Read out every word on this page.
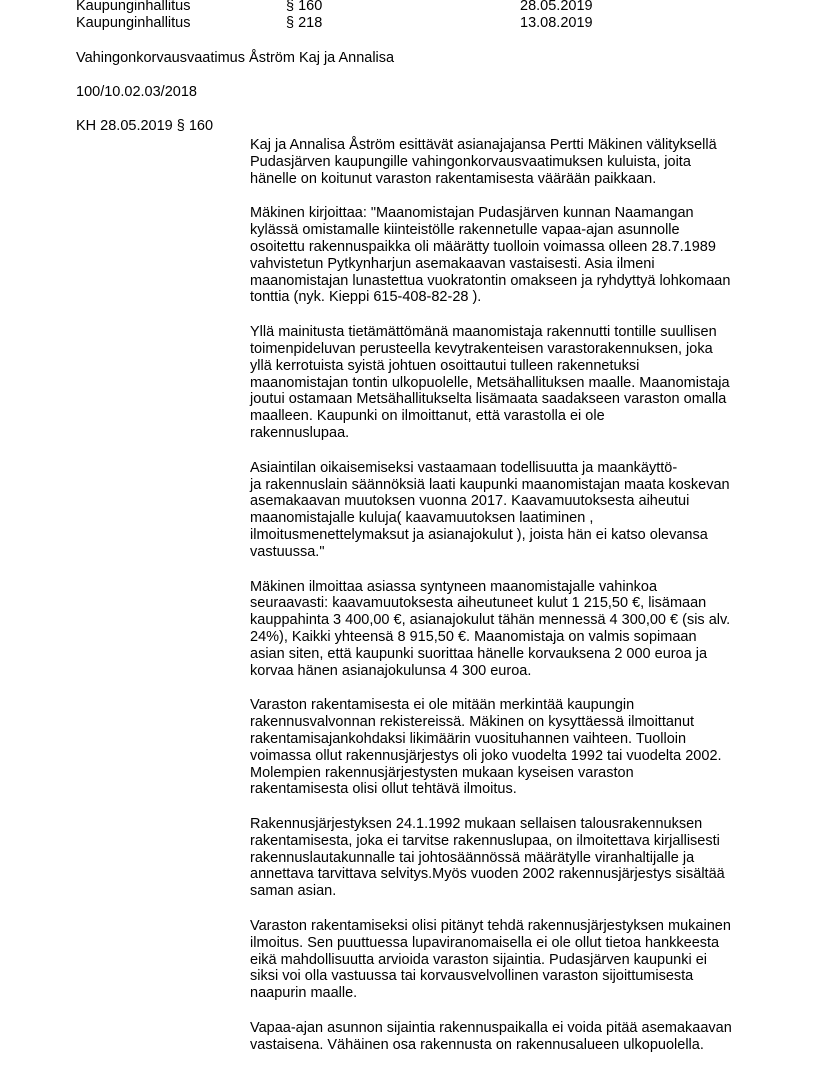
Kaupunginhallitus	§ 160	28.05.2019
Kaupunginhallitus	§ 218	13.08.2019
Vahingonkorvausvaatimus Åström Kaj ja Annalisa
100/10.02.03/2018
KH 28.05.2019 § 160
Kaj ja Annalisa Åström esittävät asianajajansa Pertti Mäkinen välityksellä
Pudasjärven kaupungille vahingonkorvausvaatimuksen kuluista, joita
hänelle on koitunut varaston rakentamisesta väärään paikkaan.
Mäkinen kirjoittaa: "Maanomistajan Pudasjärven kunnan Naamangan
kylässä omistamalle kiinteistölle rakennetulle vapaa-ajan asunnolle
osoitettu rakennuspaikka oli määrätty tuolloin voimassa olleen 28.7.1989
vahvistetun Pytkynharjun asemakaavan vastaisesti. Asia ilmeni
maanomistajan lunastettua vuokratontin omakseen ja ryhdyttyä lohkomaan
tonttia (nyk. Kieppi 615-408-82-28 ).
Yllä mainitusta tietämättömänä maanomistaja rakennutti tontille suullisen
toimenpideluvan perusteella kevytrakenteisen varastorakennuksen, joka
yllä kerrotuista syistä johtuen osoittautui tulleen rakennetuksi
maanomistajan tontin ulkopuolelle, Metsähallituksen maalle. Maanomistaja
joutui ostamaan Metsähallitukselta lisämaata saadakseen varaston omalla
maalleen. Kaupunki on ilmoittanut, että varastolla ei ole
rakennuslupaa.
Asiaintilan oikaisemiseksi vastaamaan todellisuutta ja maankäyttö-
ja rakennuslain säännöksiä laati kaupunki maanomistajan maata koskevan
asemakaavan muutoksen vuonna 2017. Kaavamuutoksesta aiheutui
maanomistajalle kuluja( kaavamuutoksen laatiminen ,
ilmoitusmenettelymaksut ja asianajokulut ), joista hän ei katso olevansa
vastuussa."
Mäkinen ilmoittaa asiassa syntyneen maanomistajalle vahinkoa
seuraavasti: kaavamuutoksesta aiheutuneet kulut 1 215,50 €, lisämaan
kauppahinta 3 400,00 €, asianajokulut tähän mennessä 4 300,00 € (sis alv.
24%), Kaikki yhteensä 8 915,50 €. Maanomistaja on valmis sopimaan
asian siten, että kaupunki suorittaa hänelle korvauksena 2 000 euroa ja
korvaa hänen asianajokulunsa 4 300 euroa.
Varaston rakentamisesta ei ole mitään merkintää kaupungin
rakennusvalvonnan rekistereissä. Mäkinen on kysyttäessä ilmoittanut
rakentamisajankohdaksi likimäärin vuosituhannen vaihteen. Tuolloin
voimassa ollut rakennusjärjestys oli joko vuodelta 1992 tai vuodelta 2002.
Molempien rakennusjärjestysten mukaan kyseisen varaston
rakentamisesta olisi ollut tehtävä ilmoitus.
Rakennusjärjestyksen 24.1.1992 mukaan sellaisen talousrakennuksen
rakentamisesta, joka ei tarvitse rakennuslupaa, on ilmoitettava kirjallisesti
rakennuslautakunnalle tai johtosäännössä määrätylle viranhaltijalle ja
annettava tarvittava selvitys.Myös vuoden 2002 rakennusjärjestys sisältää
saman asian.
Varaston rakentamiseksi olisi pitänyt tehdä rakennusjärjestyksen mukainen
ilmoitus. Sen puuttuessa lupaviranomaisella ei ole ollut tietoa hankkeesta
eikä mahdollisuutta arvioida varaston sijaintia. Pudasjärven kaupunki ei
siksi voi olla vastuussa tai korvausvelvollinen varaston sijoittumisesta
naapurin maalle.
Vapaa-ajan asunnon sijaintia rakennuspaikalla ei voida pitää asemakaavan
vastaisena. Vähäinen osa rakennusta on rakennusalueen ulkopuolella.
